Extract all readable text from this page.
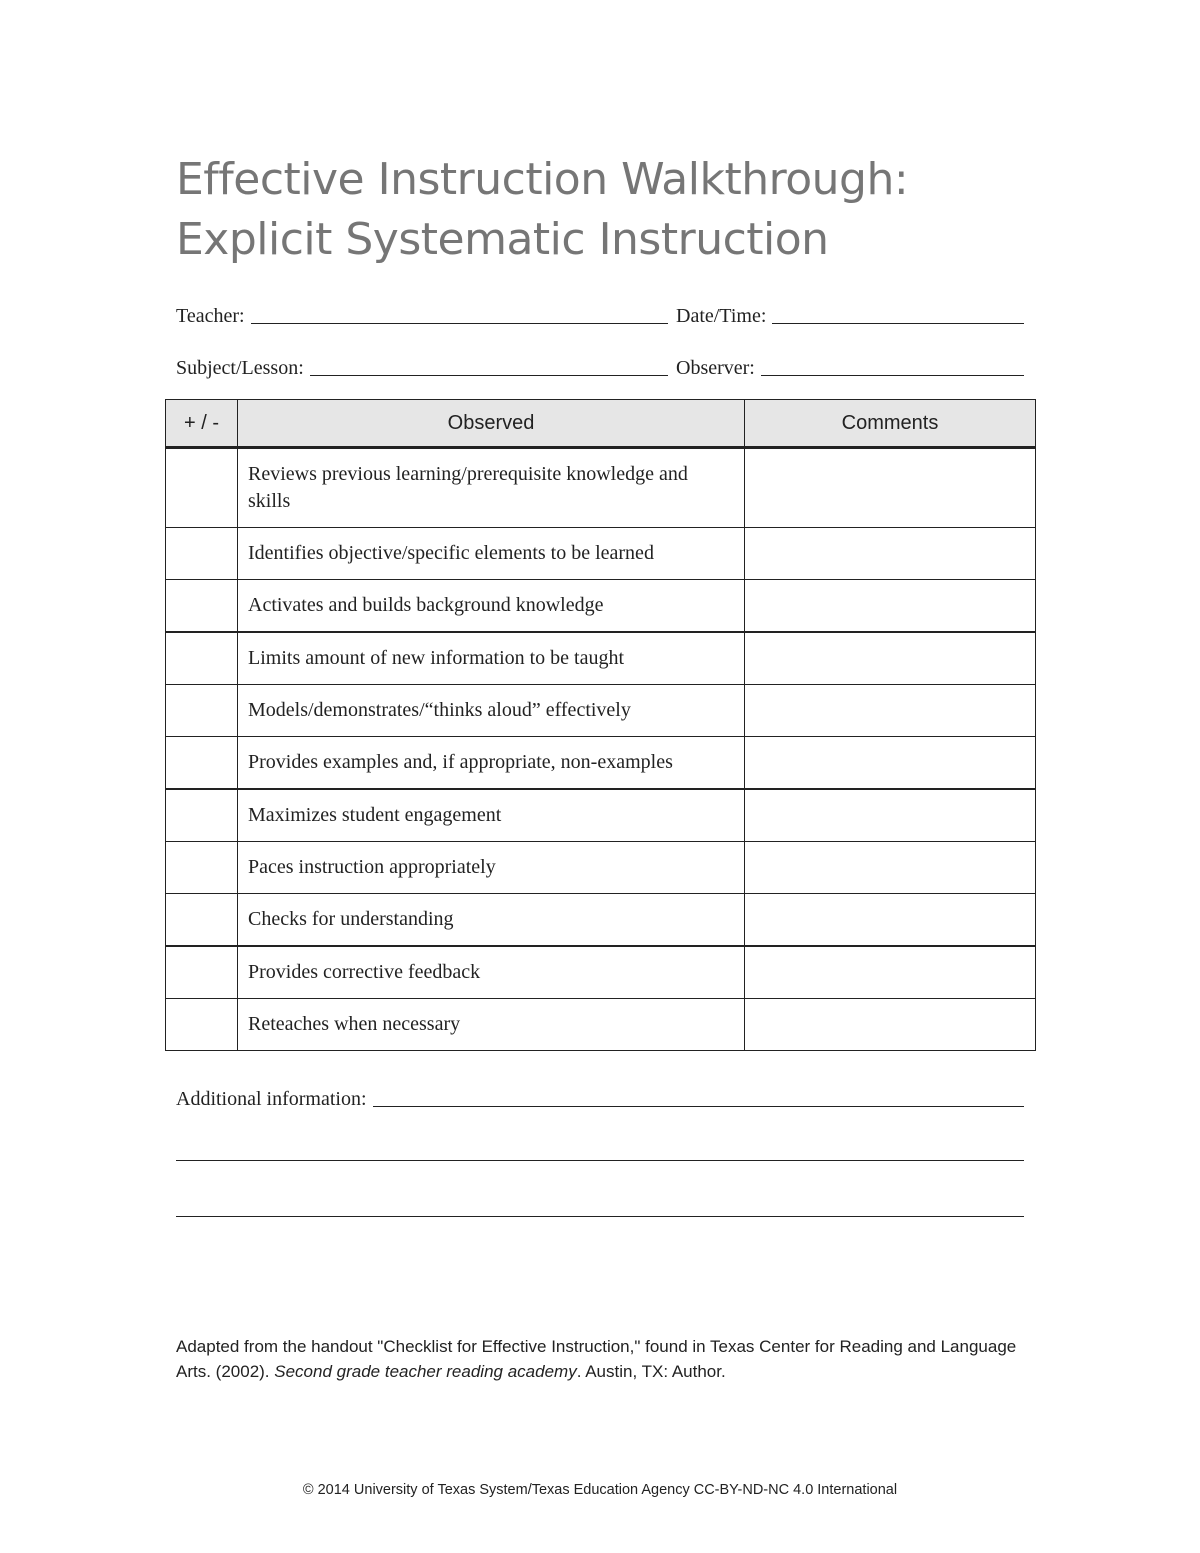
Effective Instruction Walkthrough:
Explicit Systematic Instruction
Teacher:	Date/Time:
Subject/Lesson:	Observer:
+ / -	Observed	Comments
	Reviews previous learning/prerequisite knowledge and skills	
	Identifies objective/specific elements to be learned	
	Activates and builds background knowledge	
	Limits amount of new information to be taught	
	Models/demonstrates/“thinks aloud” effectively	
	Provides examples and, if appropriate, non-examples	
	Maximizes student engagement	
	Paces instruction appropriately	
	Checks for understanding	
	Provides corrective feedback	
	Reteaches when necessary	
Additional information:
Adapted from the handout "Checklist for Effective Instruction," found in Texas Center for Reading and Language Arts. (2002). Second grade teacher reading academy. Austin, TX: Author.
© 2014 University of Texas System/Texas Education Agency CC-BY-ND-NC 4.0 International
